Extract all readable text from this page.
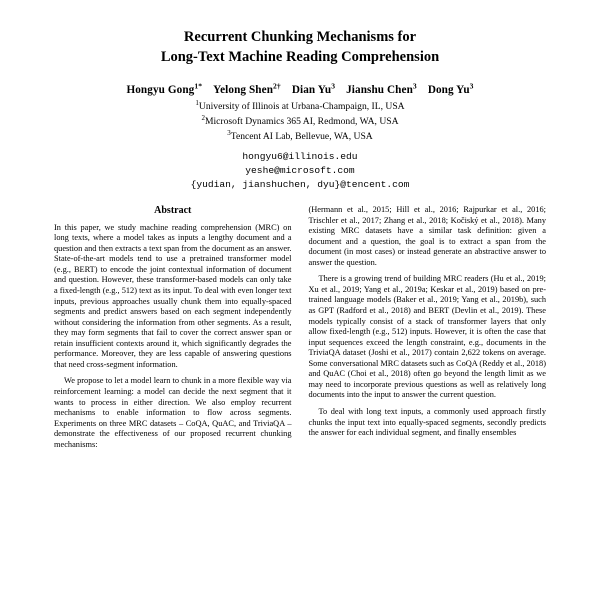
Recurrent Chunking Mechanisms for
Long-Text Machine Reading Comprehension
Hongyu Gong$^{1*}$ Yelong Shen$^{2\dagger}$ Dian Yu$^3$ Jianshu Chen$^3$ Dong Yu$^3$
$^1$University of Illinois at Urbana-Champaign, IL, USA
$^2$Microsoft Dynamics 365 AI, Redmond, WA, USA
$^3$Tencent AI Lab, Bellevue, WA, USA
hongyu6@illinois.edu
yeshe@microsoft.com
{yudian, jianshuchen, dyu}@tencent.com
Abstract

In this paper, we study machine reading comprehension (MRC) on long texts, where a model takes as inputs a lengthy document and a question and then extracts a text span from the document as an answer. State-of-the-art models tend to use a pretrained transformer model (e.g., BERT) to encode the joint contextual information of document and question. However, these transformer-based models can only take a fixed-length (e.g., 512) text as its input. To deal with even longer text inputs, previous approaches usually chunk them into equally-spaced segments and predict answers based on each segment independently without considering the information from other segments. As a result, they may form segments that fail to cover the correct answer span or retain insufficient contexts around it, which significantly degrades the performance. Moreover, they are less capable of answering questions that need cross-segment information.

We propose to let a model learn to chunk in a more flexible way via reinforcement learning: a model can decide the next segment that it wants to process in either direction. We also employ recurrent mechanisms to enable information to flow across segments. Experiments on three MRC datasets – CoQA, QuAC, and TriviaQA – demonstrate the effectiveness of our proposed recurrent chunking mechanisms:

(Hermann et al., 2015; Hill et al., 2016; Rajpurkar et al., 2016; Trischler et al., 2017; Zhang et al., 2018; Kočiský et al., 2018). Many existing MRC datasets have a similar task definition: given a document and a question, the goal is to extract a span from the document (in most cases) or instead generate an abstractive answer to answer the question.

There is a growing trend of building MRC readers (Hu et al., 2019; Xu et al., 2019; Yang et al., 2019a; Keskar et al., 2019) based on pre-trained language models (Baker et al., 2019; Yang et al., 2019b), such as GPT (Radford et al., 2018) and BERT (Devlin et al., 2019). These models typically consist of a stack of transformer layers that only allow fixed-length (e.g., 512) inputs. However, it is often the case that input sequences exceed the length constraint, e.g., documents in the TriviaQA dataset (Joshi et al., 2017) contain 2,622 tokens on average. Some conversational MRC datasets such as CoQA (Reddy et al., 2018) and QuAC (Choi et al., 2018) often go beyond the length limit as we may need to incorporate previous questions as well as relatively long documents into the input to answer the current question.

To deal with long text inputs, a commonly used approach firstly chunks the input text into equally-spaced segments, secondly predicts the answer for each individual segment, and finally ensembles
